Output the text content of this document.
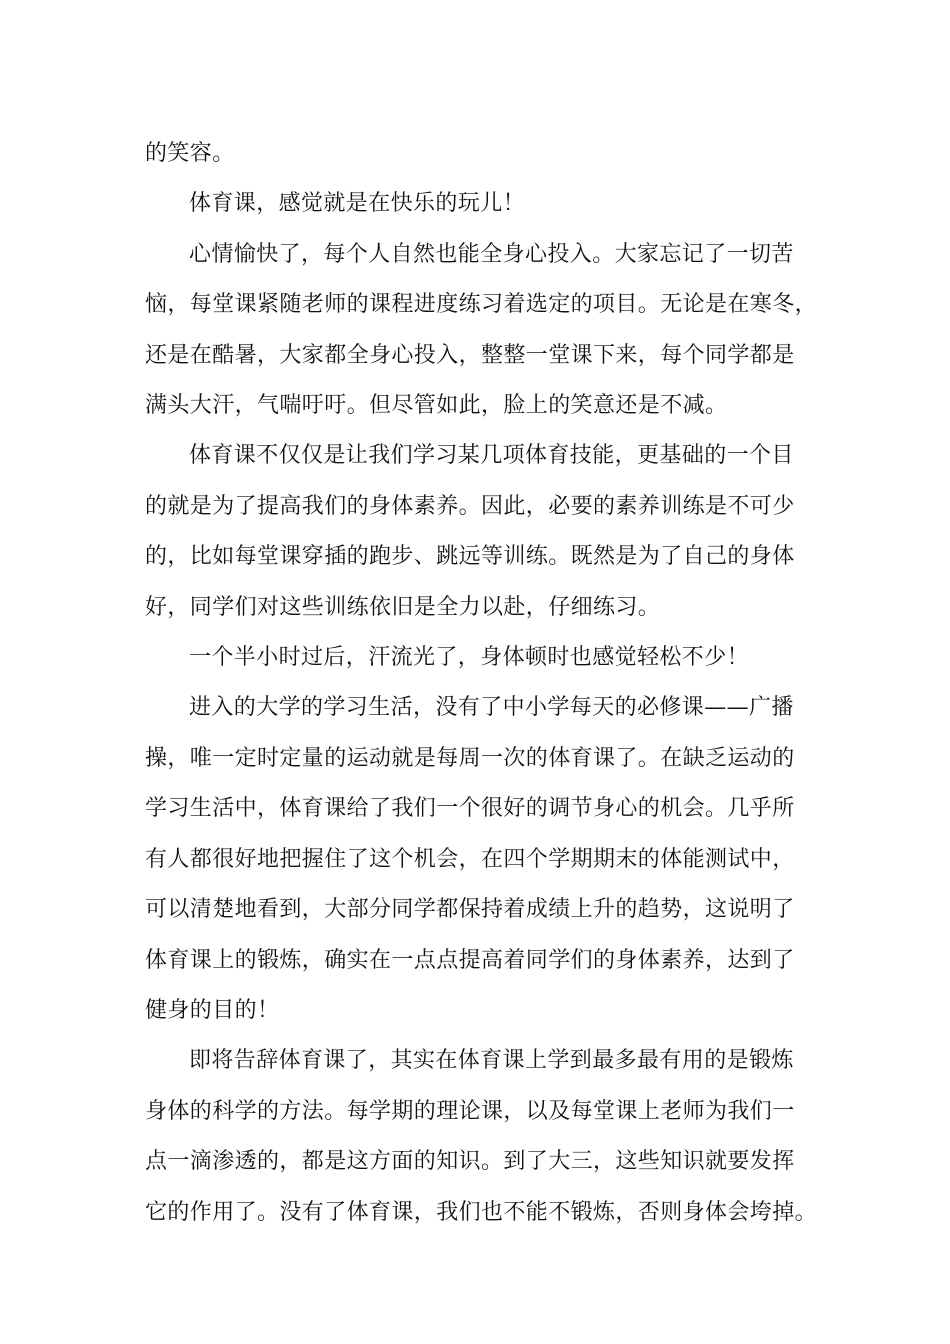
的笑容。

体育课，感觉就是在快乐的玩儿！

心情愉快了，每个人自然也能全身心投入。大家忘记了一切苦
恼，每堂课紧随老师的课程进度练习着选定的项目。无论是在寒冬，
还是在酷暑，大家都全身心投入，整整一堂课下来，每个同学都是
满头大汗，气喘吁吁。但尽管如此，脸上的笑意还是不减。

体育课不仅仅是让我们学习某几项体育技能，更基础的一个目
的就是为了提高我们的身体素养。因此，必要的素养训练是不可少
的，比如每堂课穿插的跑步、跳远等训练。既然是为了自己的身体
好，同学们对这些训练依旧是全力以赴，仔细练习。

一个半小时过后，汗流光了，身体顿时也感觉轻松不少！

进入的大学的学习生活，没有了中小学每天的必修课——广播
操，唯一定时定量的运动就是每周一次的体育课了。在缺乏运动的
学习生活中，体育课给了我们一个很好的调节身心的机会。几乎所
有人都很好地把握住了这个机会，在四个学期期末的体能测试中，
可以清楚地看到，大部分同学都保持着成绩上升的趋势，这说明了
体育课上的锻炼，确实在一点点提高着同学们的身体素养，达到了
健身的目的！

即将告辞体育课了，其实在体育课上学到最多最有用的是锻炼
身体的科学的方法。每学期的理论课，以及每堂课上老师为我们一
点一滴渗透的，都是这方面的知识。到了大三，这些知识就要发挥
它的作用了。没有了体育课，我们也不能不锻炼，否则身体会垮掉。
